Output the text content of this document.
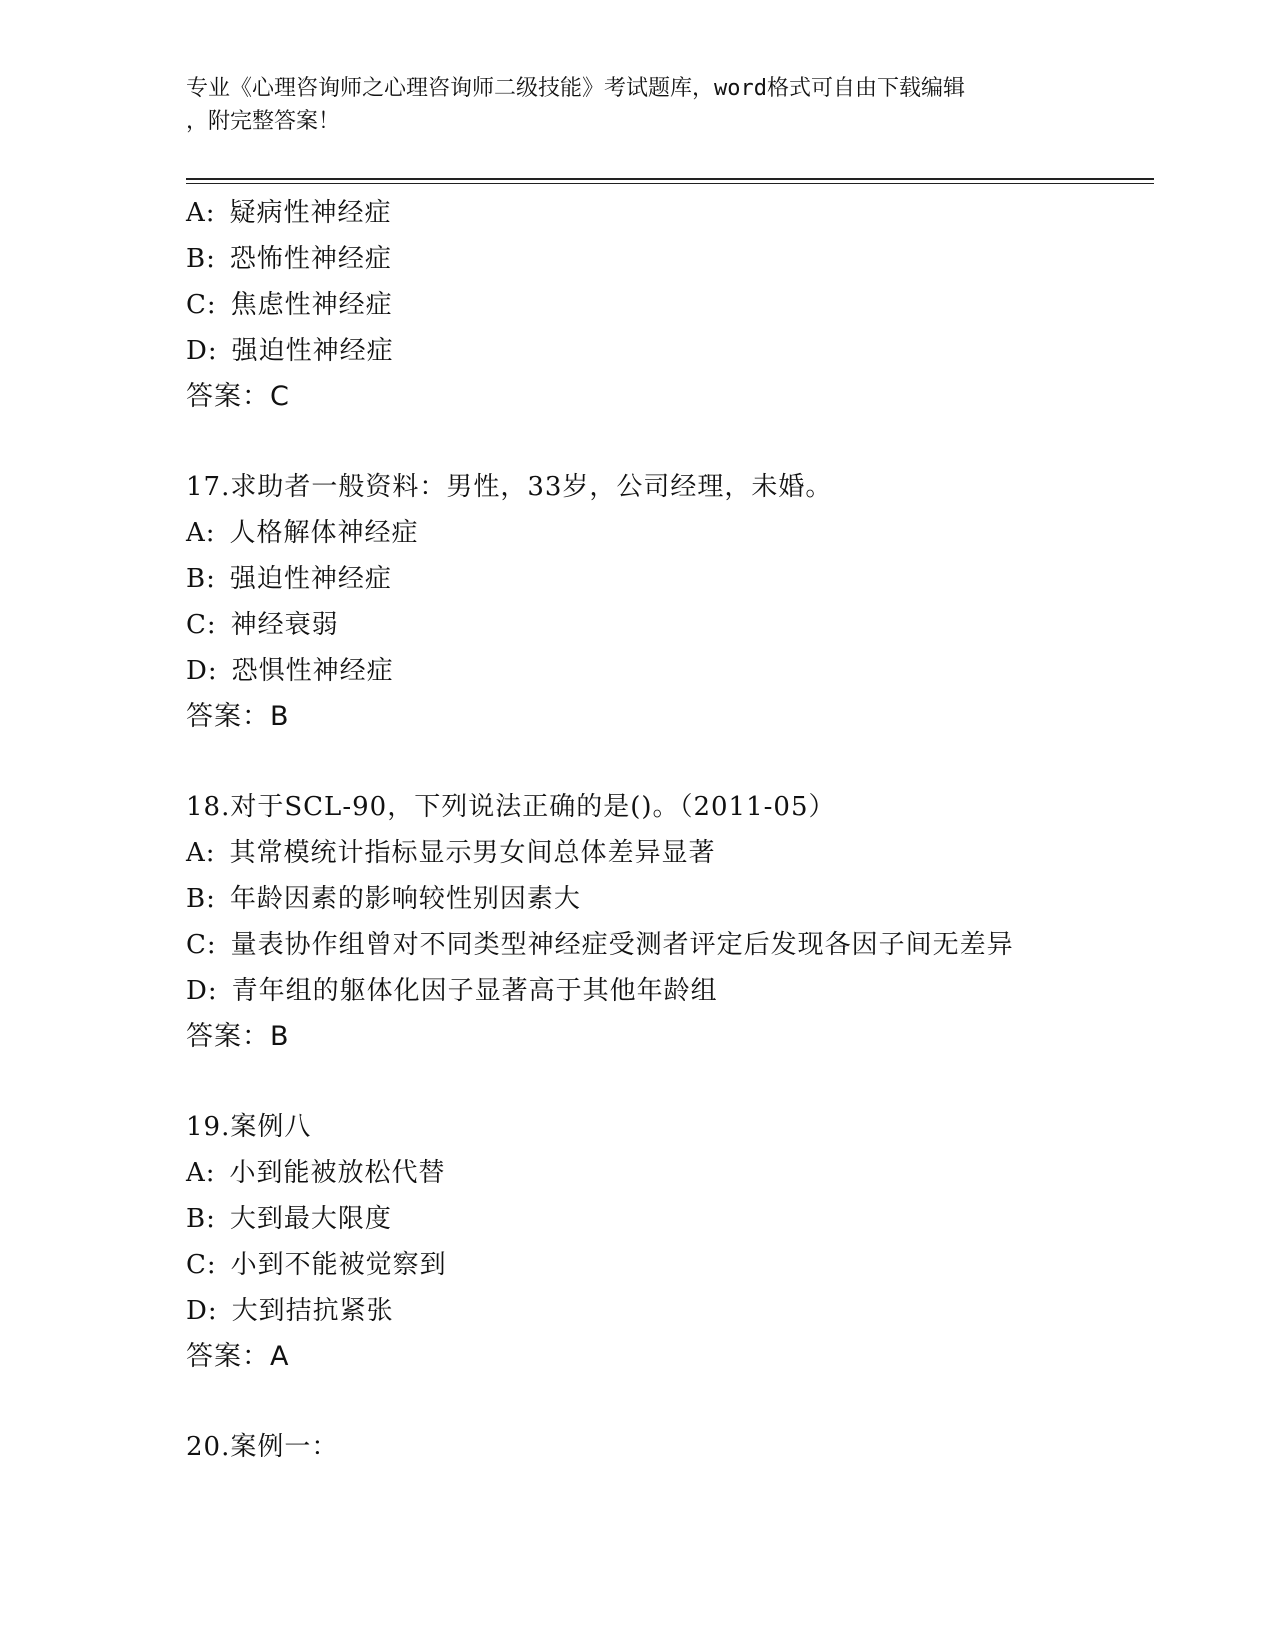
专业《心理咨询师之心理咨询师二级技能》考试题库，word格式可自由下载编辑
，附完整答案！
A: 疑病性神经症
B: 恐怖性神经症
C: 焦虑性神经症
D: 强迫性神经症
答案：C
17.求助者一般资料：男性，33岁，公司经理，未婚。
A: 人格解体神经症
B: 强迫性神经症
C: 神经衰弱
D: 恐惧性神经症
答案：B
18.对于SCL-90，下列说法正确的是()。（2011-05）
A: 其常模统计指标显示男女间总体差异显著
B: 年龄因素的影响较性别因素大
C: 量表协作组曾对不同类型神经症受测者评定后发现各因子间无差异
D: 青年组的躯体化因子显著高于其他年龄组
答案：B
19.案例八
A: 小到能被放松代替
B: 大到最大限度
C: 小到不能被觉察到
D: 大到拮抗紧张
答案：A
20.案例一：
